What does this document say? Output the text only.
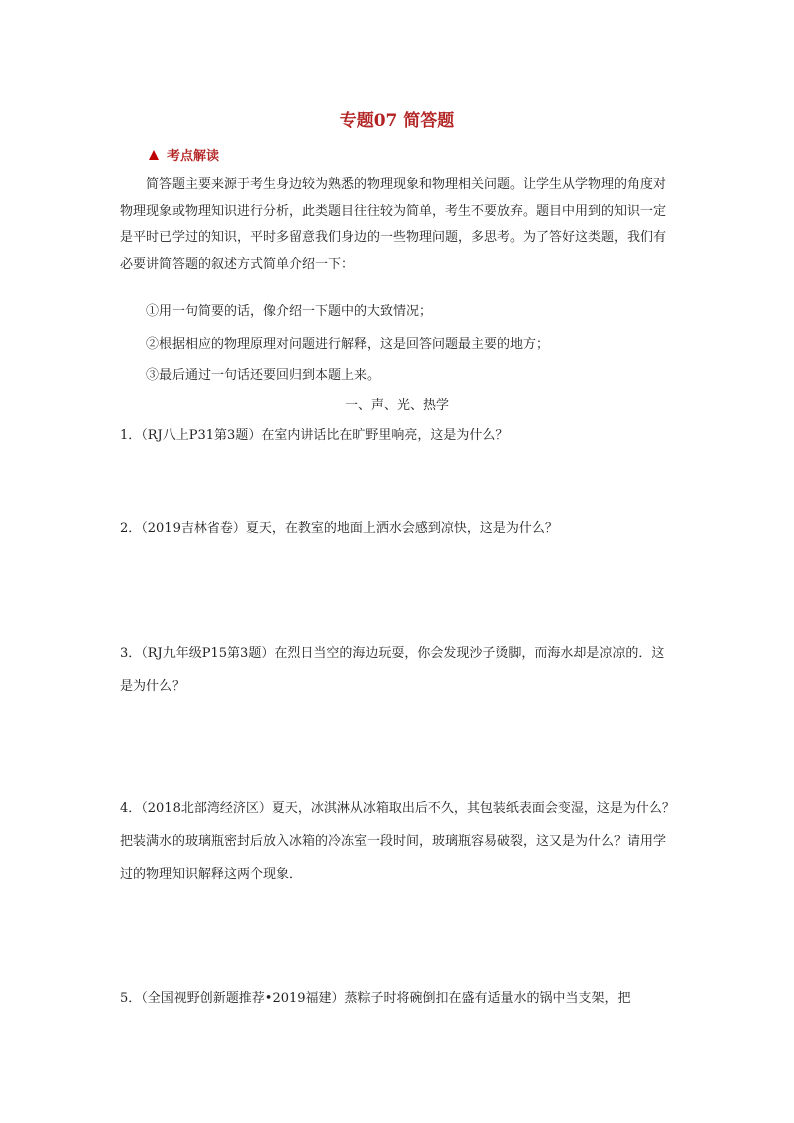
专题07 简答题
考点解读
简答题主要来源于考生身边较为熟悉的物理现象和物理相关问题。让学生从学物理的角度对物理现象或物理知识进行分析，此类题目往往较为简单，考生不要放弃。题目中用到的知识一定是平时已学过的知识，平时多留意我们身边的一些物理问题，多思考。为了答好这类题，我们有必要讲简答题的叙述方式简单介绍一下：
①用一句简要的话，像介绍一下题中的大致情况；
②根据相应的物理原理对问题进行解释，这是回答问题最主要的地方；
③最后通过一句话还要回归到本题上来。
一、声、光、热学
1．（RJ八上P31第3题）在室内讲话比在旷野里响亮，这是为什么？
2．（2019吉林省卷）夏天，在教室的地面上洒水会感到凉快，这是为什么？
3．（RJ九年级P15第3题）在烈日当空的海边玩耍，你会发现沙子烫脚，而海水却是凉凉的．这是为什么？
4．（2018北部湾经济区）夏天，冰淇淋从冰箱取出后不久，其包装纸表面会变湿，这是为什么？把装满水的玻璃瓶密封后放入冰箱的冷冻室一段时间，玻璃瓶容易破裂，这又是为什么？请用学过的物理知识解释这两个现象．
5．（全国视野创新题推荐•2019福建）蒸粽子时将碗倒扣在盛有适量水的锅中当支架，把
